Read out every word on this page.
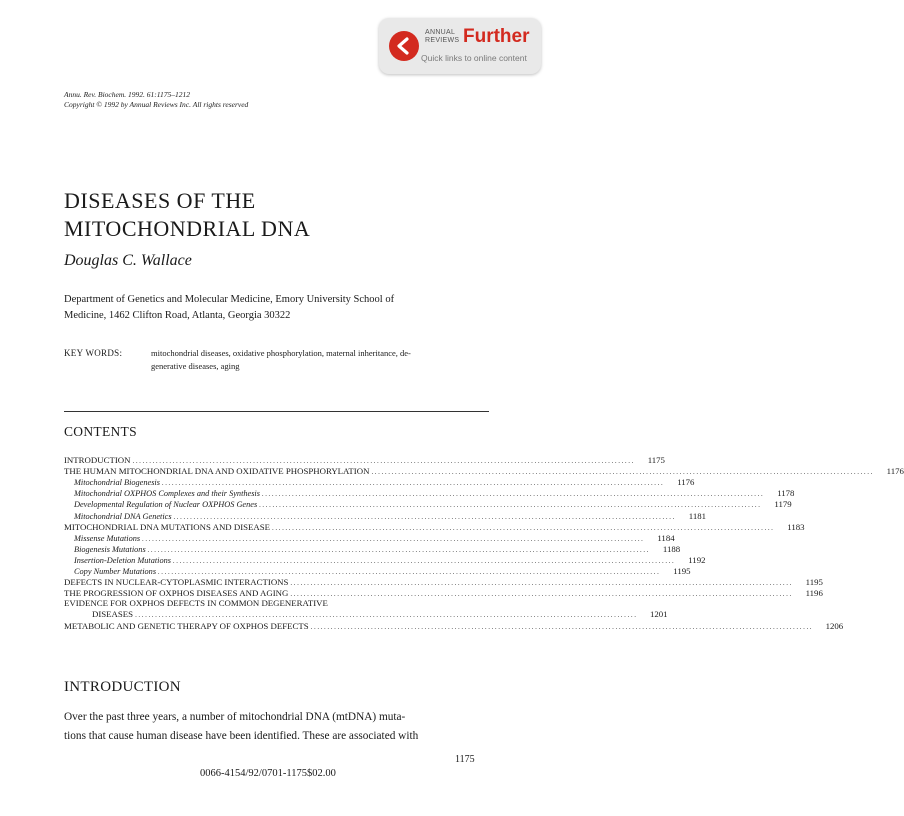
ANNUAL
REVIEWS Further
Quick links to online content
Annu. Rev. Biochem. 1992. 61:1175–1212
Copyright © 1992 by Annual Reviews Inc. All rights reserved
DISEASES OF THE
MITOCHONDRIAL DNA
Douglas C. Wallace
Department of Genetics and Molecular Medicine, Emory University School of
Medicine, 1462 Clifton Road, Atlanta, Georgia 30322
KEY WORDS:	mitochondrial diseases, oxidative phosphorylation, maternal inheritance, de-
generative diseases, aging
CONTENTS
INTRODUCTION ......................................................................................................................................................	1175
THE HUMAN MITOCHONDRIAL DNA AND OXIDATIVE PHOSPHORYLATION ......................................................................................................................................................	1176
Mitochondrial Biogenesis ......................................................................................................................................................	1176
Mitochondrial OXPHOS Complexes and their Synthesis ......................................................................................................................................................	1178
Developmental Regulation of Nuclear OXPHOS Genes ......................................................................................................................................................	1179
Mitochondrial DNA Genetics ......................................................................................................................................................	1181
MITOCHONDRIAL DNA MUTATIONS AND DISEASE ......................................................................................................................................................	1183
Missense Mutations ......................................................................................................................................................	1184
Biogenesis Mutations ......................................................................................................................................................	1188
Insertion-Deletion Mutations ......................................................................................................................................................	1192
Copy Number Mutations ......................................................................................................................................................	1195
DEFECTS IN NUCLEAR-CYTOPLASMIC INTERACTIONS ......................................................................................................................................................	1195
THE PROGRESSION OF OXPHOS DISEASES AND AGING ......................................................................................................................................................	1196
EVIDENCE FOR OXPHOS DEFECTS IN COMMON DEGENERATIVE
DISEASES ......................................................................................................................................................	1201
METABOLIC AND GENETIC THERAPY OF OXPHOS DEFECTS ......................................................................................................................................................	1206
INTRODUCTION
Over the past three years, a number of mitochondrial DNA (mtDNA) muta-
tions that cause human disease have been identified. These are associated with
1175
0066-4154/92/0701-1175$02.00
